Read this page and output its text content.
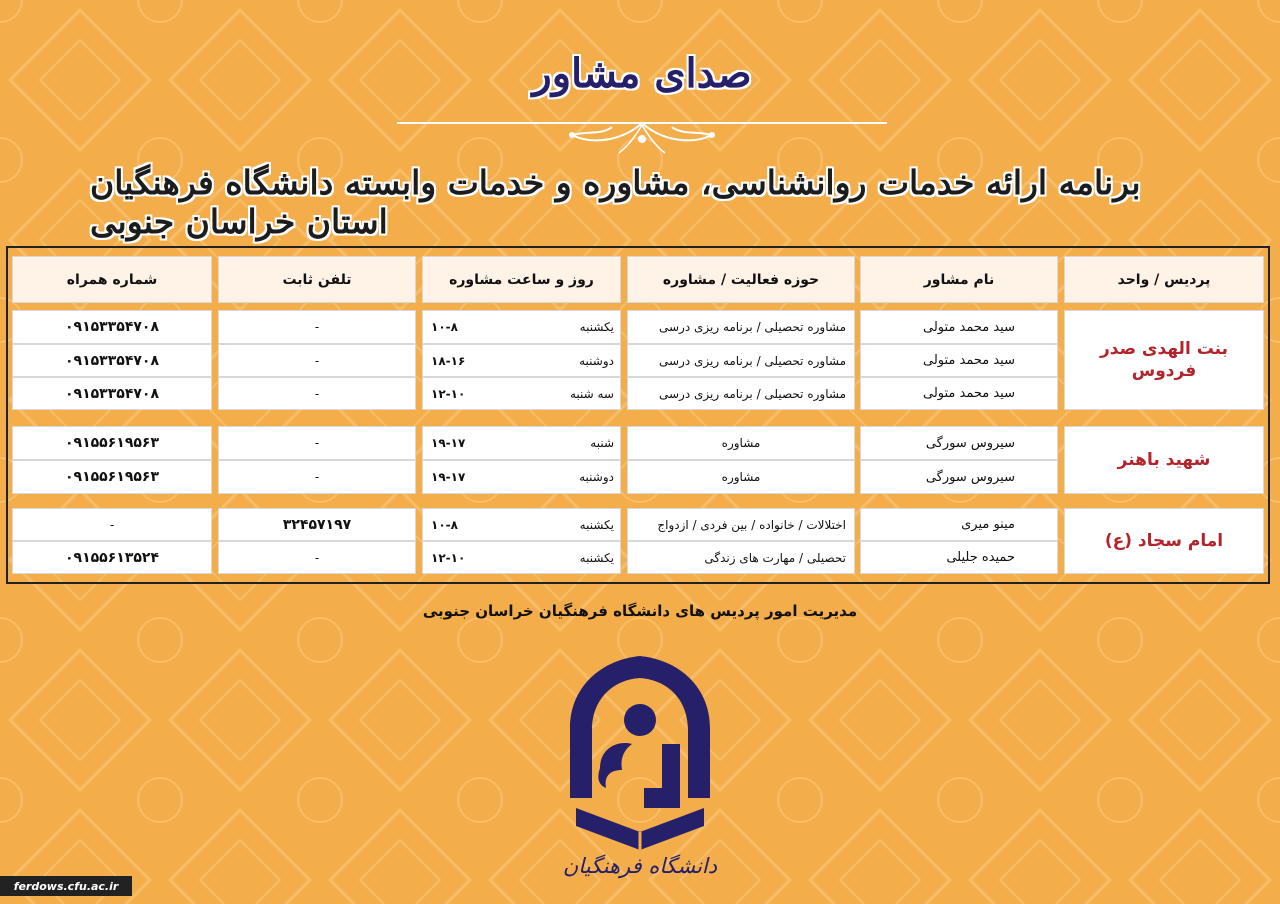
صدای مشاور
برنامه ارائه خدمات روانشناسی، مشاوره و خدمات وابسته دانشگاه فرهنگیان استان خراسان جنوبی
پردیس / واحد
نام مشاور
حوزه فعالیت / مشاوره
روز و ساعت مشاوره
تلفن ثابت
شماره همراه
بنت الهدی صدر فردوس
سید محمد متولی
مشاوره تحصیلی / برنامه ریزی درسی
یکشنبه
۱۰-۸
-
۰۹۱۵۳۳۵۴۷۰۸
سید محمد متولی
مشاوره تحصیلی / برنامه ریزی درسی
دوشنبه
۱۸-۱۶
-
۰۹۱۵۳۳۵۴۷۰۸
سید محمد متولی
مشاوره تحصیلی / برنامه ریزی درسی
سه شنبه
۱۲-۱۰
-
۰۹۱۵۳۳۵۴۷۰۸
شهید باهنر
سیروس سورگی
مشاوره
شنبه
۱۹-۱۷
-
۰۹۱۵۵۶۱۹۵۶۳
سیروس سورگی
مشاوره
دوشنبه
۱۹-۱۷
-
۰۹۱۵۵۶۱۹۵۶۳
امام سجاد (ع)
مینو میری
اختلالات / خانواده / بین فردی / ازدواج
یکشنبه
۱۰-۸
۳۲۴۵۷۱۹۷
-
حمیده جلیلی
تحصیلی / مهارت های زندگی
یکشنبه
۱۲-۱۰
-
۰۹۱۵۵۶۱۳۵۲۴
مدیریت امور پردیس های دانشگاه فرهنگیان خراسان جنوبی
دانشگاه فرهنگیان
ferdows.cfu.ac.ir
